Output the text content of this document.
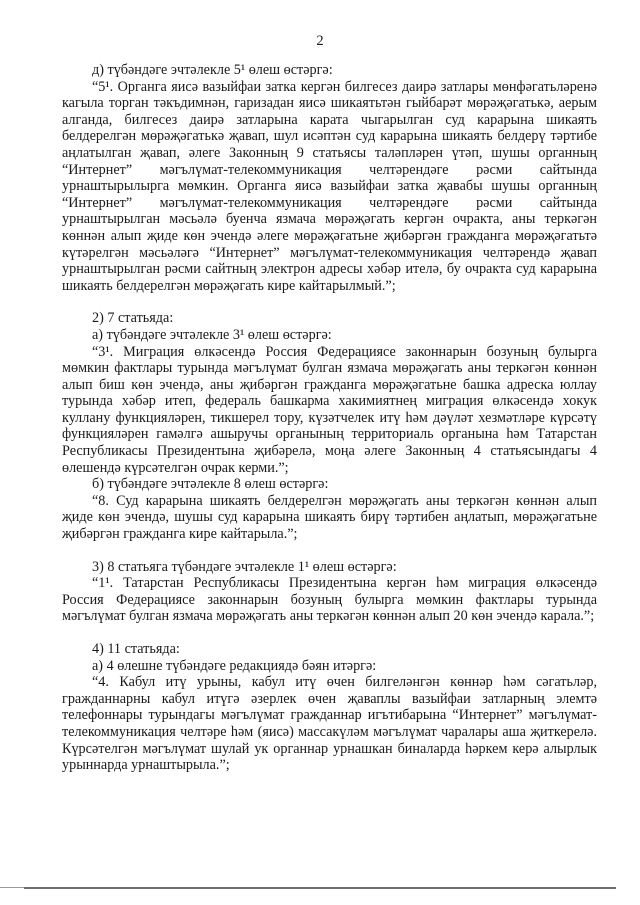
2

д) түбәндәге эчтәлекле 5¹ өлеш өстәргә:

“5¹. Органга яисә вазыйфаи затка кергән билгесез даирә затлары мөнфәгатьләренә кагыла торган тәкъдимнән, гаризадан яисә шикаятьтән гыйбарәт мөрәҗәгатькә, аерым алганда, билгесез даирә затларына карата чыгарылган суд карарына шикаять белдерелгән мөрәҗәгатькә җавап, шул исәптән суд карарына шикаять белдерү тәртибе аңлатылган җавап, әлеге Законның 9 статьясы таләпләрен үтәп, шушы органның “Интернет” мәгълүмат-телекоммуникация челтәрендәге рәсми сайтында урнаштырылырга мөмкин. Органга яисә вазыйфаи затка җавабы шушы органның “Интернет” мәгълүмат-телекоммуникация челтәрендәге рәсми сайтында урнаштырылган мәсьәлә буенча язмача мөрәҗәгать кергән очракта, аны теркәгән көннән алып җиде көн эчендә әлеге мөрәҗәгатьне җибәргән гражданга мөрәҗәгатьтә күтәрелгән мәсьәләгә “Интернет” мәгълүмат-телекоммуникация челтәрендә җавап урнаштырылган рәсми сайтның электрон адресы хәбәр ителә, бу очракта суд карарына шикаять белдерелгән мөрәҗәгать кире кайтарылмый.”;

2) 7 статьяда:

а) түбәндәге эчтәлекле 3¹ өлеш өстәргә:

“3¹. Миграция өлкәсендә Россия Федерациясе законнарын бозуның булырга мөмкин фактлары турында мәгълүмат булган язмача мөрәҗәгать аны теркәгән көннән алып биш көн эчендә, аны җибәргән гражданга мөрәҗәгатьне башка адреска юллау турында хәбәр итеп, федераль башкарма хакимиятнең миграция өлкәсендә хокук куллану функцияләрен, тикшерел тору, күзәтчелек итү һәм дәүләт хезмәтләре күрсәтү функцияләрен гамәлгә ашыручы органының территориаль органына һәм Татарстан Республикасы Президентына җибәрелә, моңа әлеге Законның 4 статьясындагы 4 өлешендә күрсәтелгән очрак керми.”;

б) түбәндәге эчтәлекле 8 өлеш өстәргә:

“8. Суд карарына шикаять белдерелгән мөрәҗәгать аны теркәгән көннән алып җиде көн эчендә, шушы суд карарына шикаять бирү тәртибен аңлатып, мөрәҗәгатьне җибәргән гражданга кире кайтарыла.”;

3) 8 статьяга түбәндәге эчтәлекле 1¹ өлеш өстәргә:

“1¹. Татарстан Республикасы Президентына кергән һәм миграция өлкәсендә Россия Федерациясе законнарын бозуның булырга мөмкин фактлары турында мәгълүмат булган язмача мөрәҗәгать аны теркәгән көннән алып 20 көн эчендә карала.”;

4) 11 статьяда:

а) 4 өлешне түбәндәге редакциядә бәян итәргә:

“4. Кабул итү урыны, кабул итү өчен билгеләнгән көннәр һәм сәгатьләр, гражданнарны кабул итүгә әзерлек өчен җаваплы вазыйфаи затларның элемтә телефоннары турындагы мәгълүмат гражданнар игътибарына “Интернет” мәгълүмат-телекоммуникация челтәре һәм (яисә) массакүләм мәгълүмат чаралары аша җиткерелә. Күрсәтелгән мәгълүмат шулай ук органнар урнашкан биналарда һәркем керә алырлык урыннарда урнаштырыла.”;
